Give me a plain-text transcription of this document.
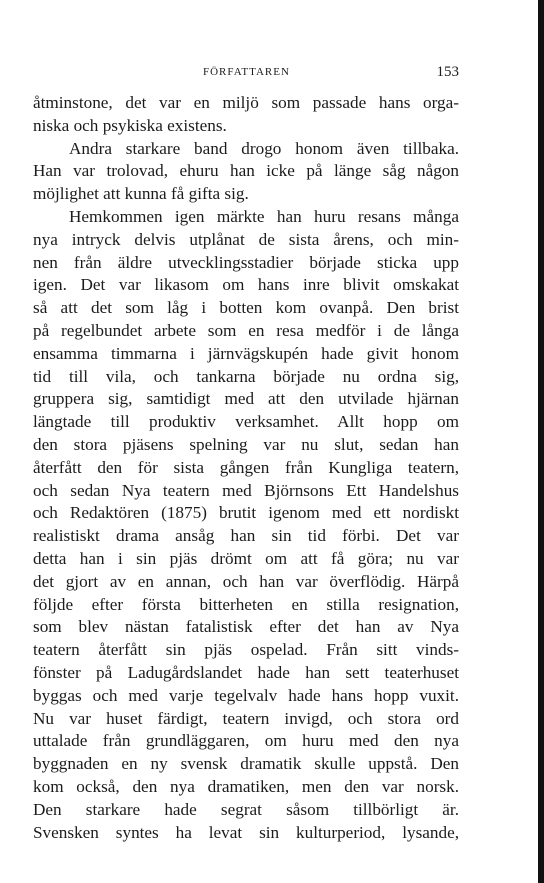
FÖRFATTAREN	153
åtminstone, det var en miljö som passade hans orga-
niska och psykiska existens.
Andra starkare band drogo honom även tillbaka.
Han var trolovad, ehuru han icke på länge såg någon
möjlighet att kunna få gifta sig.
Hemkommen igen märkte han huru resans många
nya intryck delvis utplånat de sista årens, och min-
nen från äldre utvecklingsstadier började sticka upp
igen. Det var likasom om hans inre blivit omskakat
så att det som låg i botten kom ovanpå. Den brist
på regelbundet arbete som en resa medför i de långa
ensamma timmarna i järnvägskupén hade givit honom
tid till vila, och tankarna började nu ordna sig,
gruppera sig, samtidigt med att den utvilade hjärnan
längtade till produktiv verksamhet. Allt hopp om
den stora pjäsens spelning var nu slut, sedan han
återfått den för sista gången från Kungliga teatern,
och sedan Nya teatern med Björnsons Ett Handelshus
och Redaktören (1875) brutit igenom med ett nordiskt
realistiskt drama ansåg han sin tid förbi. Det var
detta han i sin pjäs drömt om att få göra; nu var
det gjort av en annan, och han var överflödig. Härpå
följde efter första bitterheten en stilla resignation,
som blev nästan fatalistisk efter det han av Nya
teatern återfått sin pjäs ospelad. Från sitt vinds-
fönster på Ladugårdslandet hade han sett teaterhuset
byggas och med varje tegelvalv hade hans hopp vuxit.
Nu var huset färdigt, teatern invigd, och stora ord
uttalade från grundläggaren, om huru med den nya
byggnaden en ny svensk dramatik skulle uppstå. Den
kom också, den nya dramatiken, men den var norsk.
Den starkare hade segrat såsom tillbörligt är.
Svensken syntes ha levat sin kulturperiod, lysande,
